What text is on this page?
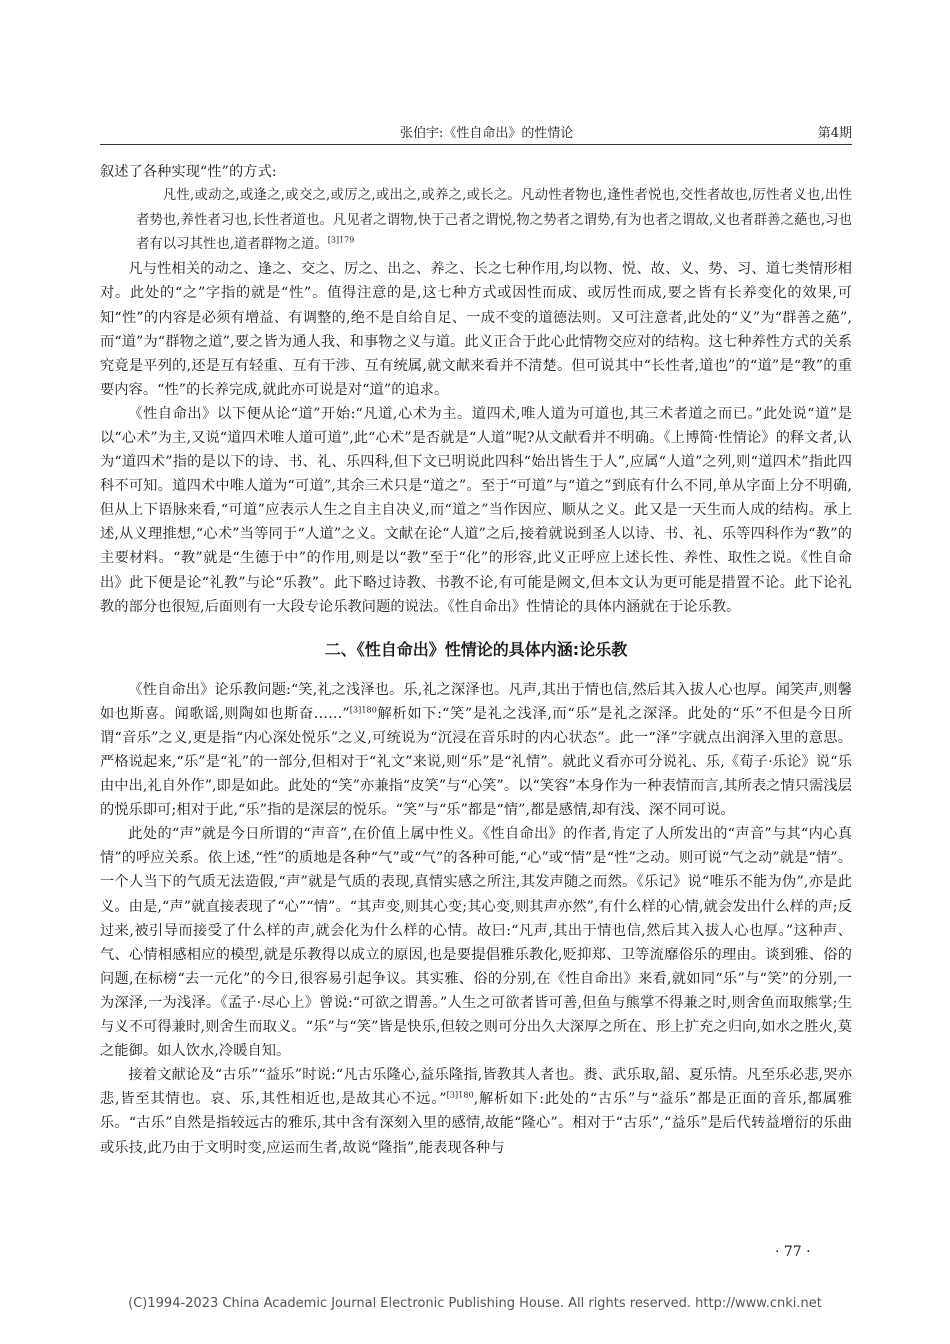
张伯宇:《性自命出》的性情论	第4期

叙述了各种实现“性”的方式:

凡性,或动之,或逢之,或交之,或厉之,或出之,或养之,或长之。凡动性者物也,逢性者悦也,交性者故也,厉性者义也,出性者势也,养性者习也,长性者道也。凡见者之谓物,快于己者之谓悦,物之势者之谓势,有为也者之谓故,义也者群善之蕝也,习也者有以习其性也,道者群物之道。$^{[3]179}$

凡与性相关的动之、逢之、交之、厉之、出之、养之、长之七种作用,均以物、悦、故、义、势、习、道七类情形相对。此处的“之”字指的就是“性”。值得注意的是,这七种方式或因性而成、或厉性而成,要之皆有长养变化的效果,可知“性”的内容是必须有增益、有调整的,绝不是自给自足、一成不变的道德法则。又可注意者,此处的“义”为“群善之蕝”,而“道”为“群物之道”,要之皆为通人我、和事物之义与道。此义正合于此心此情物交应对的结构。这七种养性方式的关系究竟是平列的,还是互有轻重、互有干涉、互有统属,就文献来看并不清楚。但可说其中“长性者,道也”的“道”是“教”的重要内容。“性”的长养完成,就此亦可说是对“道”的追求。

《性自命出》以下便从论“道”开始:“凡道,心术为主。道四术,唯人道为可道也,其三术者道之而已。”此处说“道”是以“心术”为主,又说“道四术唯人道可道”,此“心术”是否就是“人道”呢?从文献看并不明确。《上博简·性情论》的释文者,认为“道四术”指的是以下的诗、书、礼、乐四科,但下文已明说此四科“始出皆生于人”,应属“人道”之列,则“道四术”指此四科不可知。道四术中唯人道为“可道”,其余三术只是“道之”。至于“可道”与“道之”到底有什么不同,单从字面上分不明确,但从上下语脉来看,“可道”应表示人生之自主自决义,而“道之”当作因应、顺从之义。此又是一天生而人成的结构。承上述,从义理推想,“心术”当等同于“人道”之义。文献在论“人道”之后,接着就说到圣人以诗、书、礼、乐等四科作为“教”的主要材料。“教”就是“生德于中”的作用,则是以“教”至于“化”的形容,此义正呼应上述长性、养性、取性之说。《性自命出》此下便是论“礼教”与论“乐教”。此下略过诗教、书教不论,有可能是阙文,但本文认为更可能是措置不论。此下论礼教的部分也很短,后面则有一大段专论乐教问题的说法。《性自命出》性情论的具体内涵就在于论乐教。

二、《性自命出》性情论的具体内涵:论乐教

《性自命出》论乐教问题:“笑,礼之浅泽也。乐,礼之深泽也。凡声,其出于情也信,然后其入拔人心也厚。闻笑声,则馨如也斯喜。闻歌谣,则陶如也斯奋……”$^{[3]180}$解析如下:“笑”是礼之浅泽,而“乐”是礼之深泽。此处的“乐”不但是今日所谓“音乐”之义,更是指“内心深处悦乐”之义,可统说为“沉浸在音乐时的内心状态”。此一“泽”字就点出润泽入里的意思。严格说起来,“乐”是“礼”的一部分,但相对于“礼文”来说,则“乐”是“礼情”。就此义看亦可分说礼、乐,《荀子·乐论》说“乐由中出,礼自外作”,即是如此。此处的“笑”亦兼指“皮笑”与“心笑”。以“笑容”本身作为一种表情而言,其所表之情只需浅层的悦乐即可;相对于此,“乐”指的是深层的悦乐。“笑”与“乐”都是“情”,都是感情,却有浅、深不同可说。

此处的“声”就是今日所谓的“声音”,在价值上属中性义。《性自命出》的作者,肯定了人所发出的“声音”与其“内心真情”的呼应关系。依上述,“性”的质地是各种“气”或“气”的各种可能,“心”或“情”是“性”之动。则可说“气之动”就是“情”。一个人当下的气质无法造假,“声”就是气质的表现,真情实感之所注,其发声随之而然。《乐记》说“唯乐不能为伪”,亦是此义。由是,“声”就直接表现了“心”“情”。“其声变,则其心变;其心变,则其声亦然”,有什么样的心情,就会发出什么样的声;反过来,被引导而接受了什么样的声,就会化为什么样的心情。故曰:“凡声,其出于情也信,然后其入拔人心也厚。”这种声、气、心情相感相应的模型,就是乐教得以成立的原因,也是要提倡雅乐教化,贬抑郑、卫等流靡俗乐的理由。谈到雅、俗的问题,在标榜“去一元化”的今日,很容易引起争议。其实雅、俗的分别,在《性自命出》来看,就如同“乐”与“笑”的分别,一为深泽,一为浅泽。《孟子·尽心上》曾说:“可欲之谓善。”人生之可欲者皆可善,但鱼与熊掌不得兼之时,则舍鱼而取熊掌;生与义不可得兼时,则舍生而取义。“乐”与“笑”皆是快乐,但较之则可分出久大深厚之所在、形上扩充之归向,如水之胜火,莫之能御。如人饮水,冷暖自知。

接着文献论及“古乐”“益乐”时说:“凡古乐隆心,益乐隆指,皆教其人者也。赉、武乐取,韶、夏乐情。凡至乐必悲,哭亦悲,皆至其情也。哀、乐,其性相近也,是故其心不远。”$^{[3]180}$,解析如下:此处的“古乐”与“益乐”都是正面的音乐,都属雅乐。“古乐”自然是指较远古的雅乐,其中含有深刻入里的感情,故能“隆心”。相对于“古乐”,“益乐”是后代转益增衍的乐曲或乐技,此乃由于文明时变,应运而生者,故说“隆指”,能表现各种与

· 77 ·
(C)1994-2023 China Academic Journal Electronic Publishing House. All rights reserved. http://www.cnki.net
